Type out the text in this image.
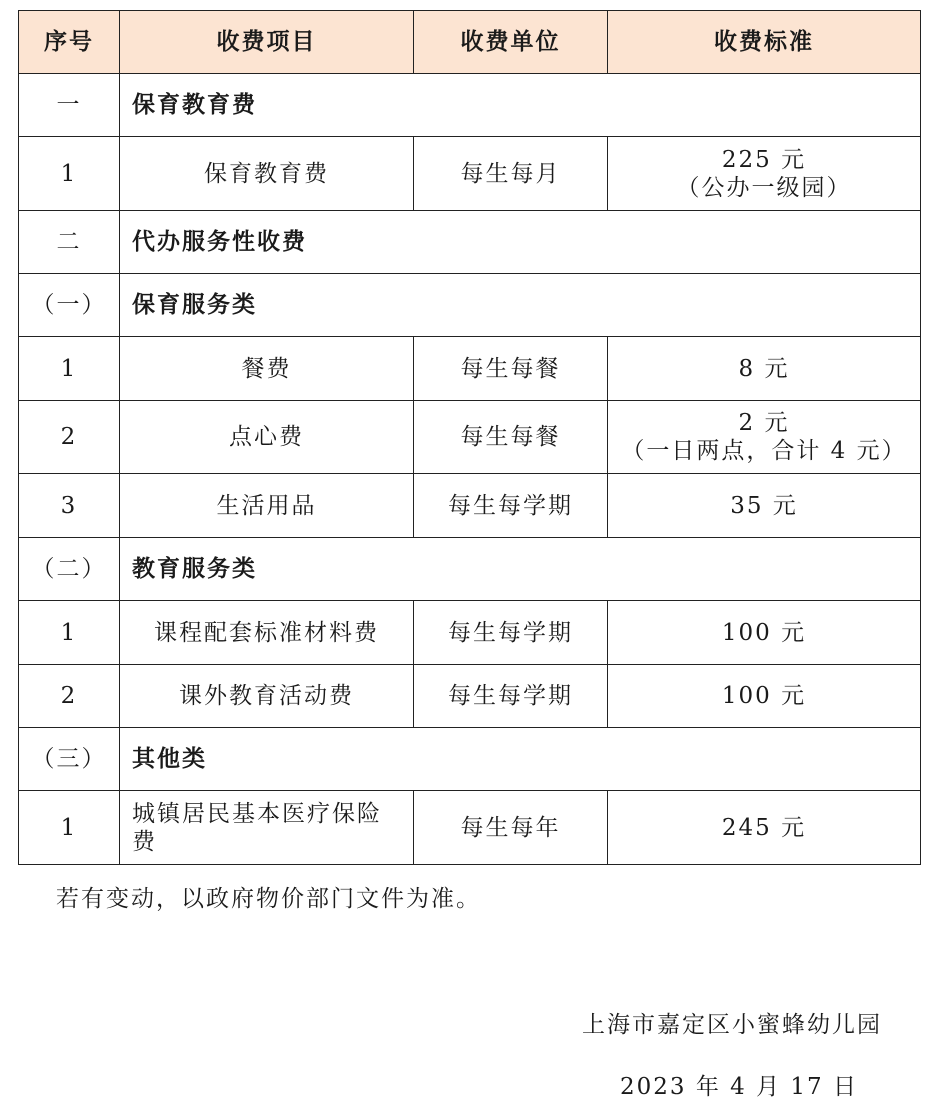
序号	收费项目	收费单位	收费标准
一	保育教育费		
1	保育教育费	每生每月	225 元
（公办一级园）

二	代办服务性收费		
（一）	保育服务类		
1	餐费	每生每餐	8 元
2	点心费	每生每餐	2 元
（一日两点，合计 4 元）

3	生活用品	每生每学期	35 元
（二）	教育服务类		
1	课程配套标准材料费	每生每学期	100 元
2	课外教育活动费	每生每学期	100 元
（三）	其他类		
1	城镇居民基本医疗保险费	每生每年	245 元

若有变动，以政府物价部门文件为准。

上海市嘉定区小蜜蜂幼儿园

2023 年 4 月 17 日
